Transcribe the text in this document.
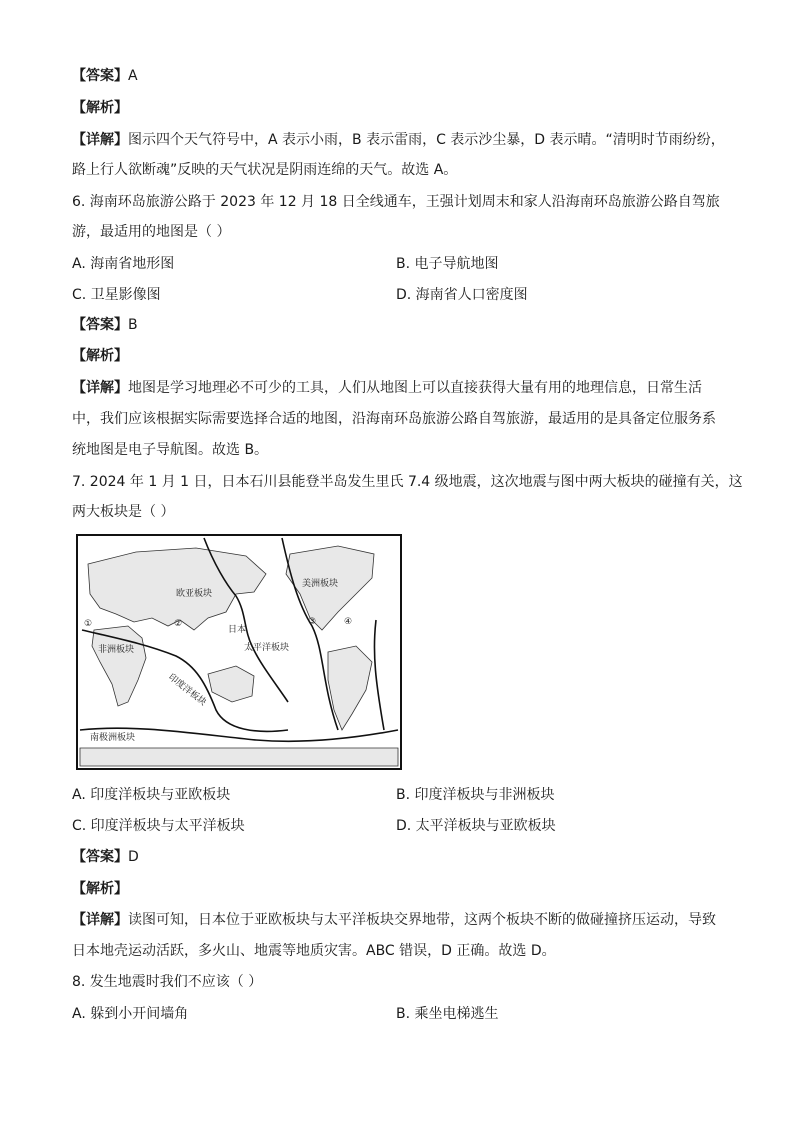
【答案】A
【解析】
【详解】图示四个天气符号中，A 表示小雨，B 表示雷雨，C 表示沙尘暴，D 表示晴。“清明时节雨纷纷，
路上行人欲断魂”反映的天气状况是阴雨连绵的天气。故选 A。
6. 海南环岛旅游公路于 2023 年 12 月 18 日全线通车，王强计划周末和家人沿海南环岛旅游公路自驾旅
游，最适用的地图是（ ）
A. 海南省地形图	B. 电子导航地图
C. 卫星影像图	D. 海南省人口密度图
【答案】B
【解析】
【详解】地图是学习地理必不可少的工具，人们从地图上可以直接获得大量有用的地理信息，日常生活
中，我们应该根据实际需要选择合适的地图，沿海南环岛旅游公路自驾旅游，最适用的是具备定位服务系
统地图是电子导航图。故选 B。
7. 2024 年 1 月 1 日，日本石川县能登半岛发生里氏 7.4 级地震，这次地震与图中两大板块的碰撞有关，这
两大板块是（ ）
欧亚板块
美洲板块
非洲板块
日本
太平洋板块
印度洋板块
南极洲板块
①	②	③	④
A. 印度洋板块与亚欧板块	B. 印度洋板块与非洲板块
C. 印度洋板块与太平洋板块	D. 太平洋板块与亚欧板块
【答案】D
【解析】
【详解】读图可知，日本位于亚欧板块与太平洋板块交界地带，这两个板块不断的做碰撞挤压运动，导致
日本地壳运动活跃，多火山、地震等地质灾害。ABC 错误，D 正确。故选 D。
8. 发生地震时我们不应该（ ）
A. 躲到小开间墙角	B. 乘坐电梯逃生
